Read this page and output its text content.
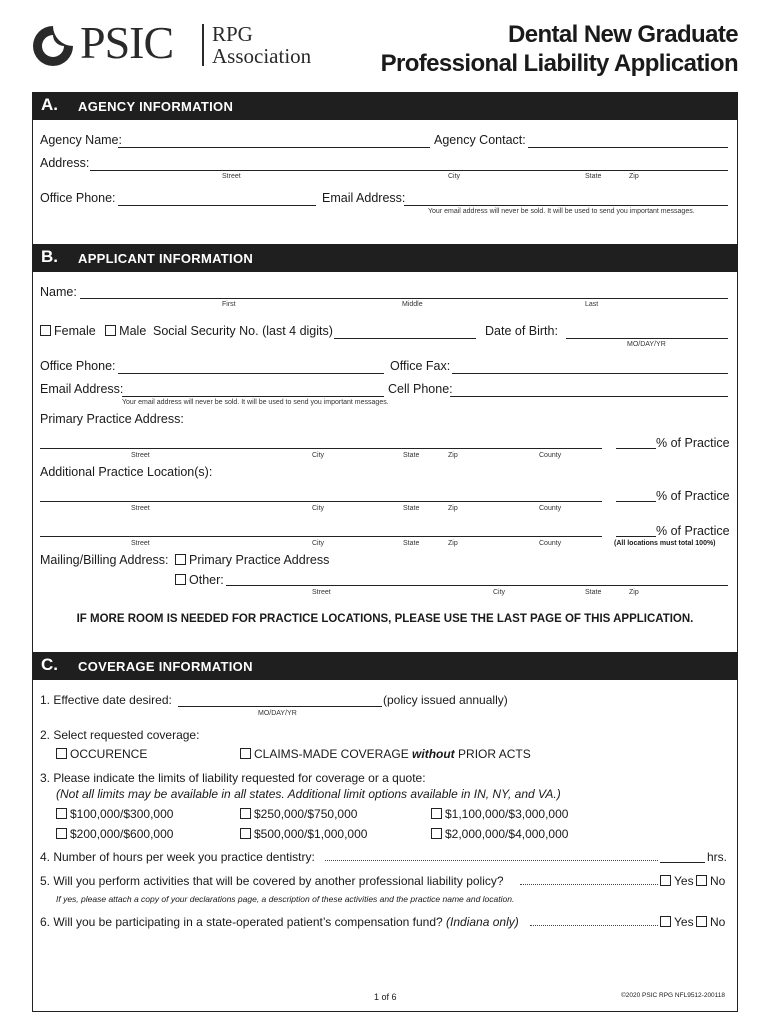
PSIC RPG
Association
Dental New Graduate
Professional Liability Application
A. AGENCY INFORMATION
Agency Name:	Agency Contact:
Address:
Street	City	State	Zip
Office Phone:	Email Address:
Your email address will never be sold. It will be used to send you important messages.
B. APPLICANT INFORMATION
Name:
First	Middle	Last
Female Male Social Security No. (last 4 digits)	Date of Birth:
MO/DAY/YR
Office Phone:	Office Fax:
Email Address:	Cell Phone:
Your email address will never be sold. It will be used to send you important messages.
Primary Practice Address:
% of Practice
Street	City	State	Zip	County
Additional Practice Location(s):
% of Practice
Street	City	State	Zip	County
% of Practice
Street	City	State	Zip	County	(All locations must total 100%)
Mailing/Billing Address:	Primary Practice Address
Other:
Street	City	State	Zip
IF MORE ROOM IS NEEDED FOR PRACTICE LOCATIONS, PLEASE USE THE LAST PAGE OF THIS APPLICATION.
C. COVERAGE INFORMATION
1. Effective date desired:	(policy issued annually)
MO/DAY/YR
2. Select requested coverage:
OCCURENCE	CLAIMS-MADE COVERAGE without PRIOR ACTS
3. Please indicate the limits of liability requested for coverage or a quote:
(Not all limits may be available in all states. Additional limit options available in IN, NY, and VA.)
$100,000/$300,000	$250,000/$750,000	$1,100,000/$3,000,000
$200,000/$600,000	$500,000/$1,000,000	$2,000,000/$4,000,000
4. Number of hours per week you practice dentistry:	hrs.
5. Will you perform activities that will be covered by another professional liability policy?	Yes	No
If yes, please attach a copy of your declarations page, a description of these activities and the practice name and location.
6. Will you be participating in a state-operated patient’s compensation fund? (Indiana only)	Yes	No
1 of 6	©2020 PSIC RPG NFL9512-200118
